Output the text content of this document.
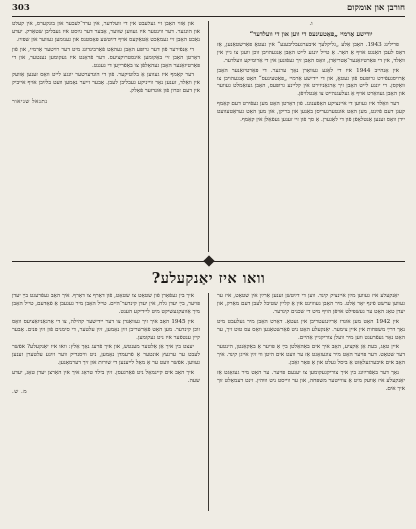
303	חורבן און אומקום
ו.
יודישע אַרמיי „פאַטעינעס די ווען און די וועלדער“

פרילינג 1943. האָבן אַלע „גליקלעך איבערגעבליבענע“ אין געטאָ פאַרשטאַנען, אַז דאָס לעבן האַנגט אויף אַ האָר. אַ טייל יונגע לייט האָבן אָנגעהויבן זוכן וועגן צו גיין אין וואַלד, אין די פּאַרטיזאַנער־אָטריאַדן, וואָס האָבן זיך געפֿונען אין די אַרומיקע וועלדער.

אין אָנהייב 1944 איז די לאַגע געוואָרן נאָך ערגער. די פּאַרטיזאַנער האָבן אַרויסגעפֿירט גרופּעס פֿון געטאָ, און די יידישע אַרמיי „פאַטעינעס“ האָט אָנגעהויבן צו וואַקסן. די יונגע לייט האָבן זיך אָרגאַניזירט אין קליינע גרופּעס, האָבן געזאַמלט געווער און האָבן געוואַרט אויף אַ געלעגנהייט צו אַנטלויפֿן.

דער וואַלד איז געווען די איינציקע האָפֿענונג. פֿון דאָרטן האָט מען געפֿירט דעם קאַמף קעגן דעם פֿײַנט, מען האָט אונטערגעריסן באַנען און בריקן, און מען האָט געראַטעוועט יידן וואָס זענען אַנטלאָפֿן פֿון די לאַגערן. אַ סך פֿון זיי זענען געפֿאַלן אין קאַמף.

און אַזוי האָבן זיי געלעבט אין די וועלדער, אין ערד־לעכער און בונקערס, אין קעלט און הונגער. דער ווינטער איז געווען שווער, אָבער דער גײַסט איז געבליבן שטאַרק. יעדע נאַכט האָבן זיי געמאַכט אַטאַקעס אויף דײַטשע פּאָסטנס און גענומען געווער און שפּײַז.

די אָנפֿירער פֿון דער גרופּע האָבן געהאַט פֿאַרבינדונג מיט דער רויטער אַרמיי, און פֿון דאָרטן האָבן זיי באַקומען אינסטרוקציעס. דער פֿראָנט איז געקומען נענטער, און די פּאַרטיזאַנער האָבן געהאָלפֿן צו באַפֿרייַען די געגנט.

דער קאַמף איז געווען אַ בלוטיקער. פֿון די הונדערטער יונגע לייט וואָס זענען אַוועק אין וואַלד, זענען נאָר ווייניקע געבליבן לעבן. אָבער זייער נאָמען וועט בלײַבן אויף אייביק אין דעם זכּרון פֿון אונדזער פֿאָלק.

נתנאל שניאור
וואו איז יאַנקעלע?

יאַנקעלע איז געווען מײַן איינציק קינד. ווען די דײַטשן זענען אַרײַן אין שטאָט, איז ער געווען ערשט פֿינף יאָר אַלט. מיר האָבן געוווינט אין אַ קליין שטיבל לעבן דעם מאַרק, און יעדן טאָג האָט ער געשפּילט אויפֿן הויף מיט די שכנים קינדער.

אין 1942 האָט מען אונדז אַרײַנגעטריבן אין געטאָ. דאָרט האָבן מיר געלעבט מיט נאָך דרײַ משפּחות אין איין צימער. יאַנקעלע האָט ניט פֿאַרשטאַנען וואָס עס טוט זיך, ער האָט נאָר געפֿרעגט ווען מיר וועלן צוריקגיין אַהיים.

איין טאָג, בעת אַן אַקציע, האָב איך אים באַהאַלטן בײַ אַ פּויער אַ באַקאַנטן, הינטער דער שטאָט. דער פּויער האָט מיר צוגעזאָגט אַז ער וועט אים היטן ווי זײַן אייגן קינד. איך האָב אים איבערגעלאָזט אַ ביסל געלט און אַ פּאָר זאַכן.

נאָך דער באַפֿרײַונג בין איך צוריקגעקומען צו יענעם פּויער. ער האָט מיר געזאָגט אַז יאַנקעלע איז אַוועק מיט אַ צווייטער משפּחה, און ער ווייסט ניט וווּהין. זינט דעמאָלט זוך איך אים.

איך בין געפֿאָרן פֿון שטאָט צו שטאָט, פֿון דאָרף צו דאָרף. איך האָב געפֿרעגט בײַ יעדן פּויער, בײַ יעדן גלח, אין יעדן קינדער־היים. טייל האָבן מיר געגעבן אַ פֿאָדעם, טייל האָבן מיך אַוועקגעשיקט מיט ליידיקע הענט.

אין 1945 האָב איך זיך געוואַנדן צו דער יידישער קהילה, צו די אָרגאַניזאַציעס וואָס זוכן קינדער. מען האָט פֿאַרשריבן זײַן נאָמען, זײַן עלטער, די סימנים פֿון זײַן פּנים. אָבער קיין ענטפֿער איז ניט געקומען.

יעצט בין איך אַן אַלטער מענטש, און איך פֿרעג נאָך אַלץ: וואו איז יאַנקעלע? אפֿשר לעבט ער ערגעץ אונטער אַ פֿרעמדן נאָמען, ניט וויסנדיק ווער זײַנע עלטערן זענען געווען. אפֿשר וועט ער אַ מאָל לייענען די שורות און זיך דערמאָנען.

איך האָב אים קיינמאָל ניט פֿאַרגעסן. זײַן בילד טראָג איך אין האַרצן יעדן טאָג, יעדע שעה.

מ. ש.
